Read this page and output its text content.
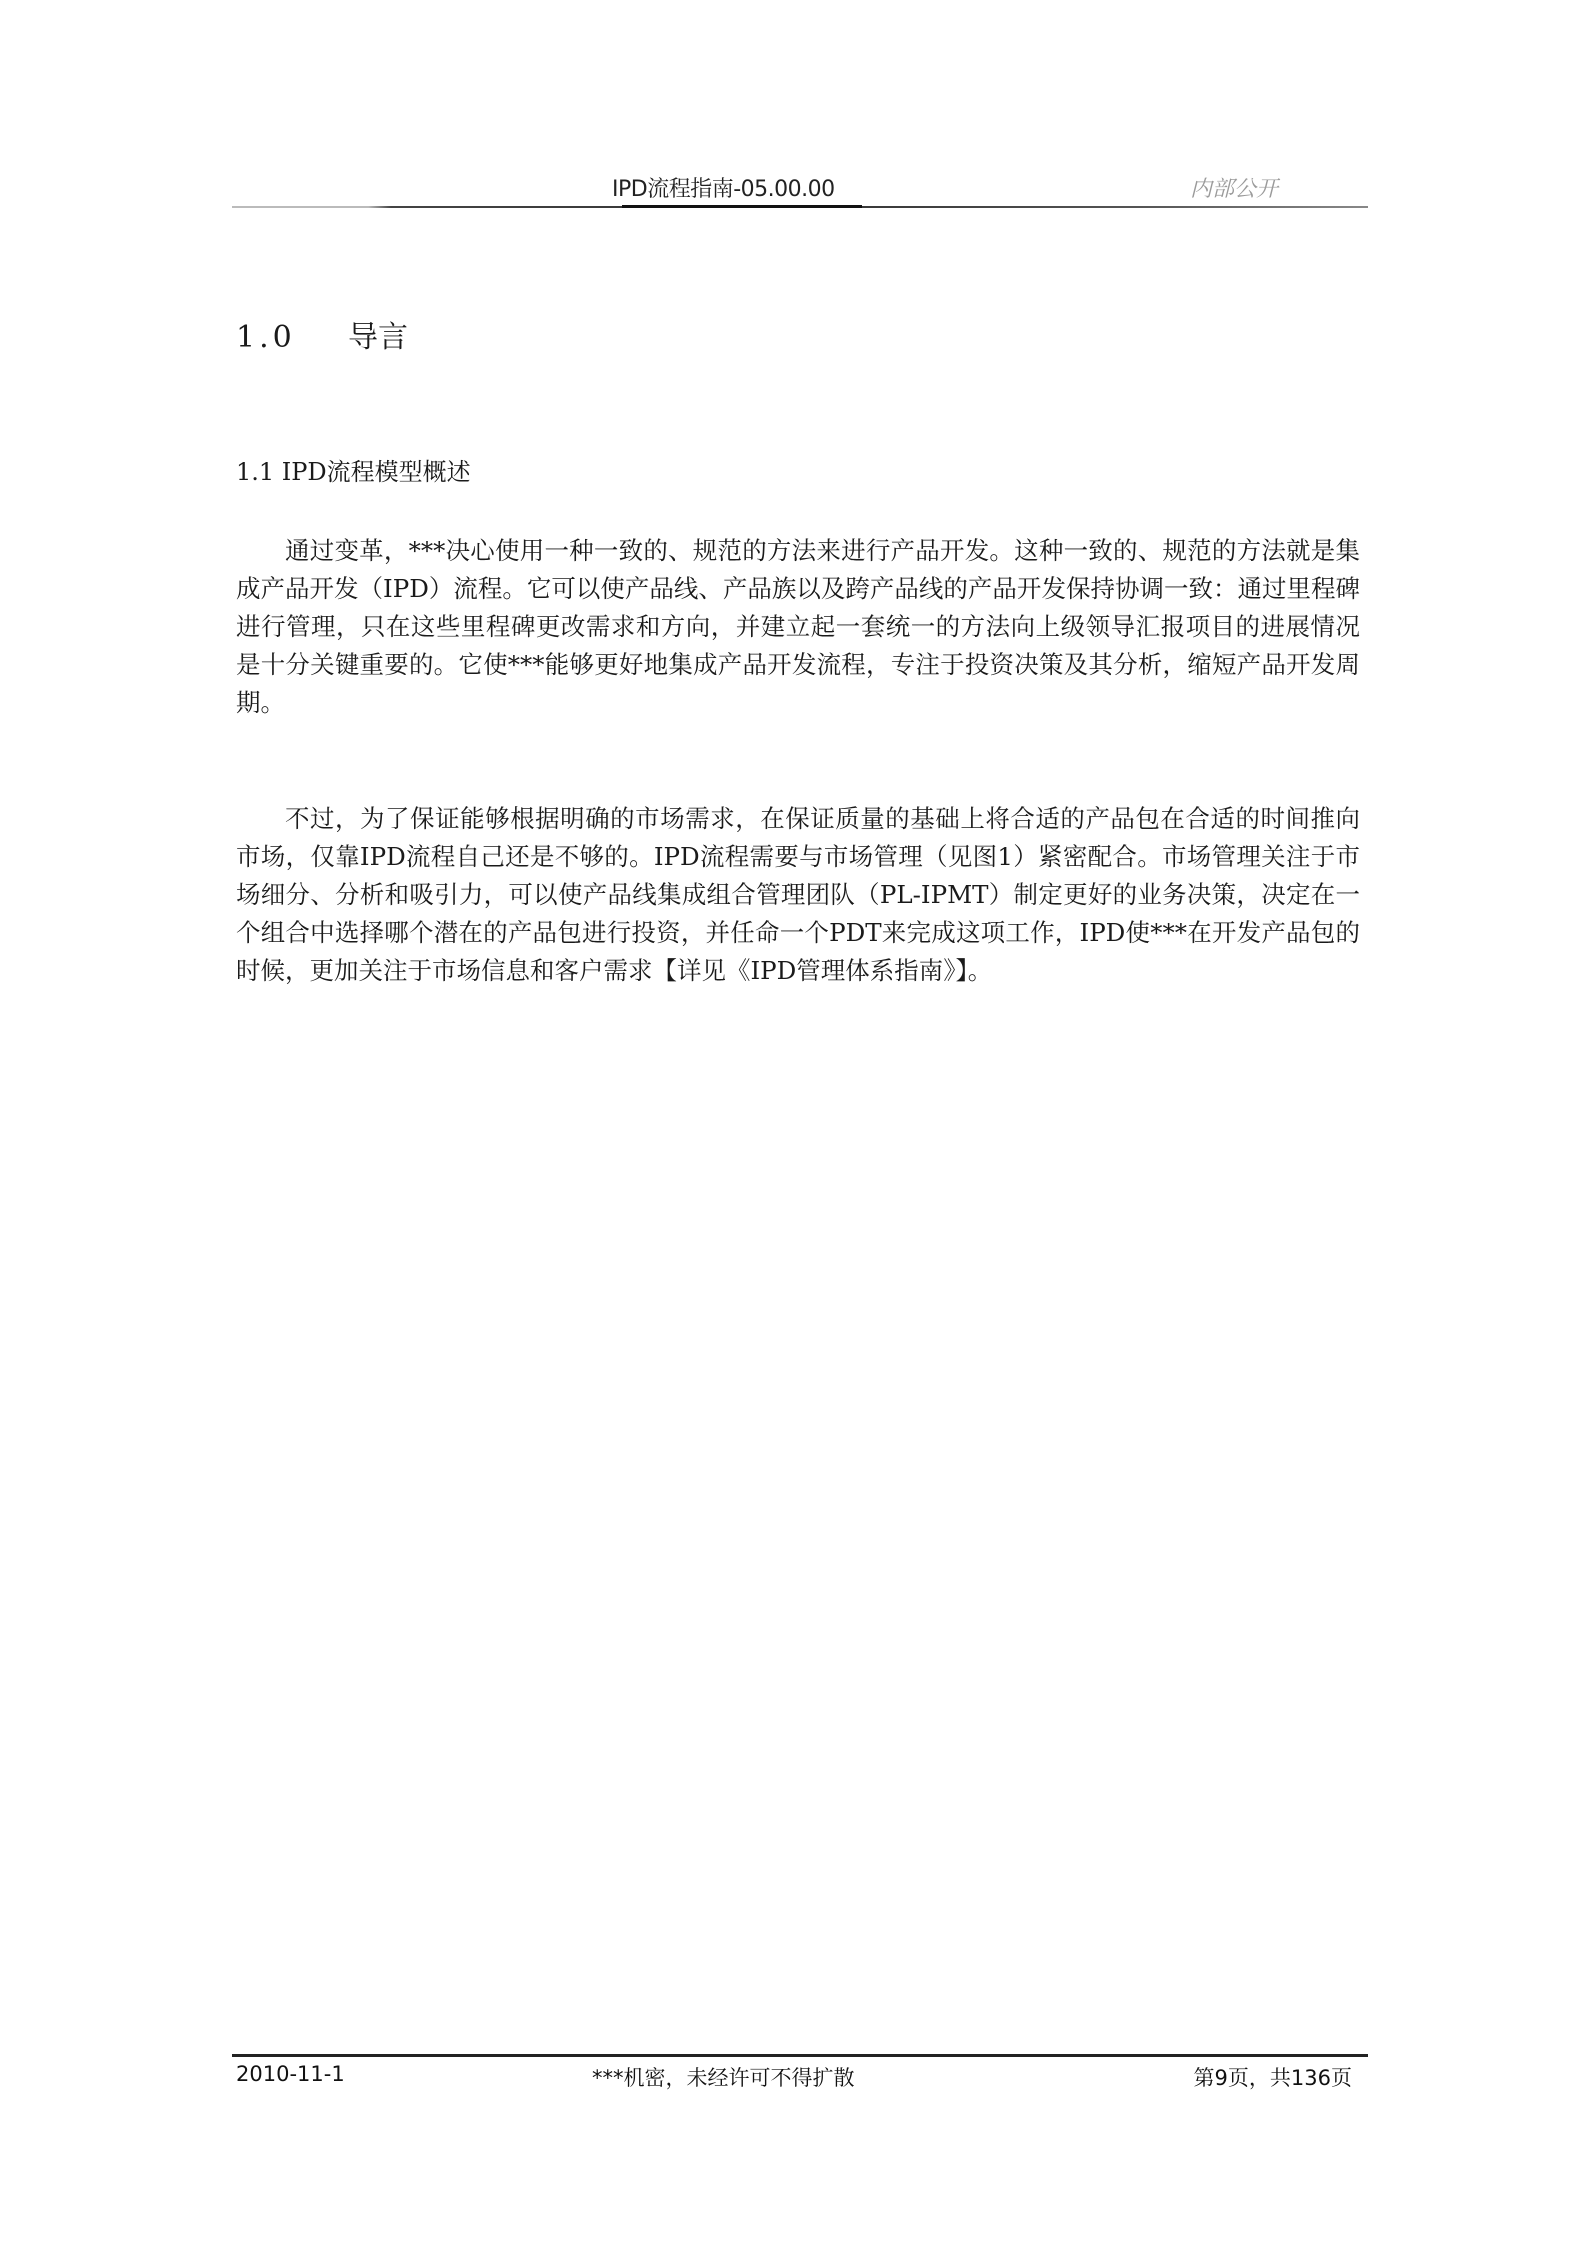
IPD流程指南-05.00.00	内部公开
1.0 导言
1.1 IPD流程模型概述

通过变革，***决心使用一种一致的、规范的方法来进行产品开发。这种一致的、规范的方法就是集成产品开发（IPD）流程。它可以使产品线、产品族以及跨产品线的产品开发保持协调一致：通过里程碑进行管理，只在这些里程碑更改需求和方向，并建立起一套统一的方法向上级领导汇报项目的进展情况是十分关键重要的。它使***能够更好地集成产品开发流程，专注于投资决策及其分析，缩短产品开发周期。

不过，为了保证能够根据明确的市场需求，在保证质量的基础上将合适的产品包在合适的时间推向市场，仅靠IPD流程自己还是不够的。IPD流程需要与市场管理（见图1）紧密配合。市场管理关注于市场细分、分析和吸引力，可以使产品线集成组合管理团队（PL-IPMT）制定更好的业务决策，决定在一个组合中选择哪个潜在的产品包进行投资，并任命一个PDT来完成这项工作，IPD使***在开发产品包的时候，更加关注于市场信息和客户需求【详见《IPD管理体系指南》】。

2010-11-1	***机密，未经许可不得扩散	第9页，共136页
